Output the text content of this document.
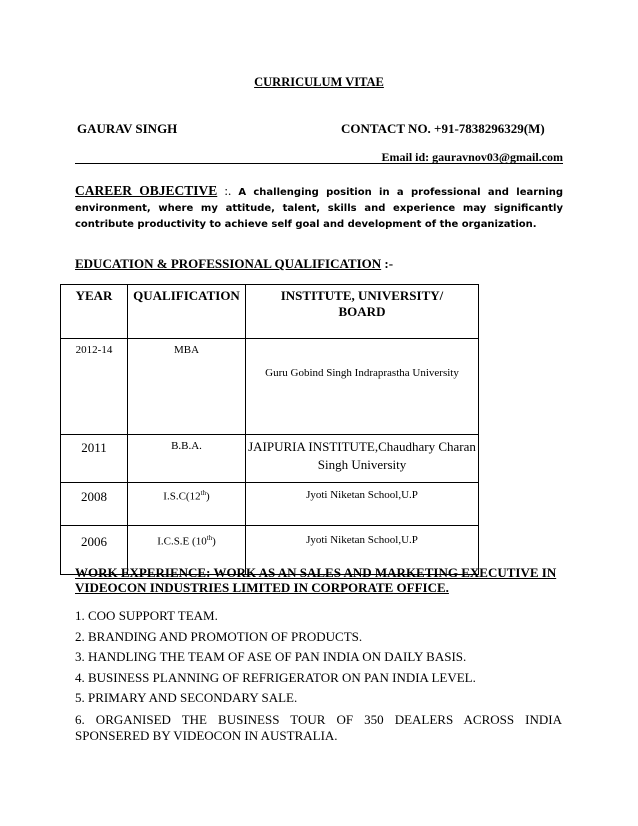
CURRICULUM VITAE
GAURAV SINGH	CONTACT NO. +91-7838296329(M)
Email id: gauravnov03@gmail.com
CAREER OBJECTIVE :. A challenging position in a professional and learning environment, where my attitude, talent, skills and experience may significantly contribute productivity to achieve self goal and development of the organization.
EDUCATION & PROFESSIONAL QUALIFICATION :-
YEAR	QUALIFICATION	INSTITUTE, UNIVERSITY/ BOARD

2012-14	MBA	Guru Gobind Singh Indraprastha University
2011	B.B.A.	JAIPURIA INSTITUTE,Chaudhary Charan Singh University
2008	I.S.C(12th)	Jyoti Niketan School,U.P
2006	I.C.S.E (10th)	Jyoti Niketan School,U.P
WORK EXPERIENCE: WORK AS AN SALES AND MARKETING EXECUTIVE IN VIDEOCON INDUSTRIES LIMITED IN CORPORATE OFFICE.
1. COO SUPPORT TEAM.
2. BRANDING AND PROMOTION OF PRODUCTS.
3. HANDLING THE TEAM OF ASE OF PAN INDIA ON DAILY BASIS.
4. BUSINESS PLANNING OF REFRIGERATOR ON PAN INDIA LEVEL.
5. PRIMARY AND SECONDARY SALE.
6. ORGANISED THE BUSINESS TOUR OF 350 DEALERS ACROSS INDIA SPONSERED BY VIDEOCON IN AUSTRALIA.
